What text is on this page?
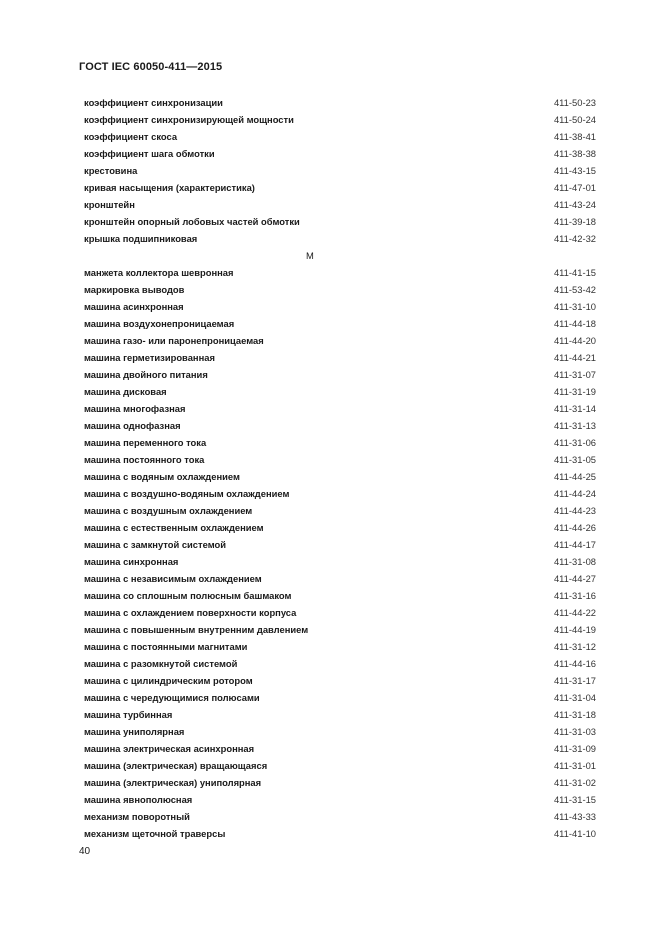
ГОСТ IEC 60050-411—2015
коэффициент синхронизации	411-50-23
коэффициент синхронизирующей мощности	411-50-24
коэффициент скоса	411-38-41
коэффициент шага обмотки	411-38-38
крестовина	411-43-15
кривая насыщения (характеристика)	411-47-01
кронштейн	411-43-24
кронштейн опорный лобовых частей обмотки	411-39-18
крышка подшипниковая	411-42-32
М
манжета коллектора шевронная	411-41-15
маркировка выводов	411-53-42
машина асинхронная	411-31-10
машина воздухонепроницаемая	411-44-18
машина газо- или паронепроницаемая	411-44-20
машина герметизированная	411-44-21
машина двойного питания	411-31-07
машина дисковая	411-31-19
машина многофазная	411-31-14
машина однофазная	411-31-13
машина переменного тока	411-31-06
машина постоянного тока	411-31-05
машина с водяным охлаждением	411-44-25
машина с воздушно-водяным охлаждением	411-44-24
машина с воздушным охлаждением	411-44-23
машина с естественным охлаждением	411-44-26
машина с замкнутой системой	411-44-17
машина синхронная	411-31-08
машина с независимым охлаждением	411-44-27
машина со сплошным полюсным башмаком	411-31-16
машина с охлаждением поверхности корпуса	411-44-22
машина с повышенным внутренним давлением	411-44-19
машина с постоянными магнитами	411-31-12
машина с разомкнутой системой	411-44-16
машина с цилиндрическим ротором	411-31-17
машина с чередующимися полюсами	411-31-04
машина турбинная	411-31-18
машина униполярная	411-31-03
машина электрическая асинхронная	411-31-09
машина (электрическая) вращающаяся	411-31-01
машина (электрическая) униполярная	411-31-02
машина явнополюсная	411-31-15
механизм поворотный	411-43-33
механизм щеточной траверсы	411-41-10
40
